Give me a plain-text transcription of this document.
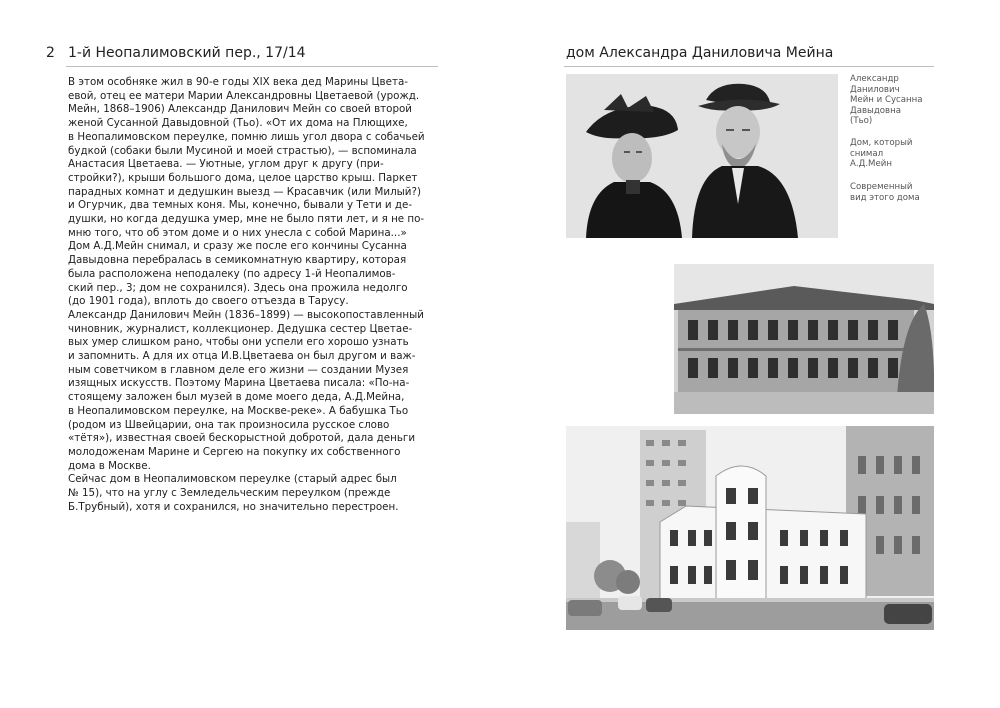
2 1-й Неопалимовский пер., 17/14	дом Александра Даниловича Мейна

В этом особняке жил в 90-е годы XIX века дед Марины Цвета-

евой, отец ее матери Марии Александровны Цветаевой (урожд.

Мейн, 1868–1906) Александр Данилович Мейн со своей второй

женой Сусанной Давыдовной (Тьо). «От их дома на Плющихе,

в Неопалимовском переулке, помню лишь угол двора с собачьей

будкой (собаки были Мусиной и моей страстью), — вспоминала

Анастасия Цветаева. — Уютные, углом друг к другу (при-

стройки?), крыши большого дома, целое царство крыш. Паркет

парадных комнат и дедушкин выезд — Красавчик (или Милый?)

и Огурчик, два темных коня. Мы, конечно, бывали у Тети и де-

душки, но когда дедушка умер, мне не было пяти лет, и я не по-

мню того, что об этом доме и о них унесла с собой Марина...»

Дом А.Д.Мейн снимал, и сразу же после его кончины Сусанна

Давыдовна перебралась в семикомнатную квартиру, которая

была расположена неподалеку (по адресу 1-й Неопалимов-

ский пер., 3; дом не сохранился). Здесь она прожила недолго

(до 1901 года), вплоть до своего отъезда в Тарусу.

Александр Данилович Мейн (1836–1899) — высокопоставленный

чиновник, журналист, коллекционер. Дедушка сестер Цветае-

вых умер слишком рано, чтобы они успели его хорошо узнать

и запомнить. А для их отца И.В.Цветаева он был другом и важ-

ным советчиком в главном деле его жизни — создании Музея

изящных искусств. Поэтому Марина Цветаева писала: «По-на-

стоящему заложен был музей в доме моего деда, А.Д.Мейна,

в Неопалимовском переулке, на Москве-реке». А бабушка Тьо

(родом из Швейцарии, она так произносила русское слово

«тётя»), известная своей бескорыстной добротой, дала деньги

молодоженам Марине и Сергею на покупку их собственного

дома в Москве.

Сейчас дом в Неопалимовском переулке (старый адрес был

№ 15), что на углу с Земледельческим переулком (прежде

Б.Трубный), хотя и сохранился, но значительно перестроен.

Александр

Данилович

Мейн и Сусанна

Давыдовна

(Тьо)

Дом, который

снимал

А.Д.Мейн

Современный

вид этого дома
